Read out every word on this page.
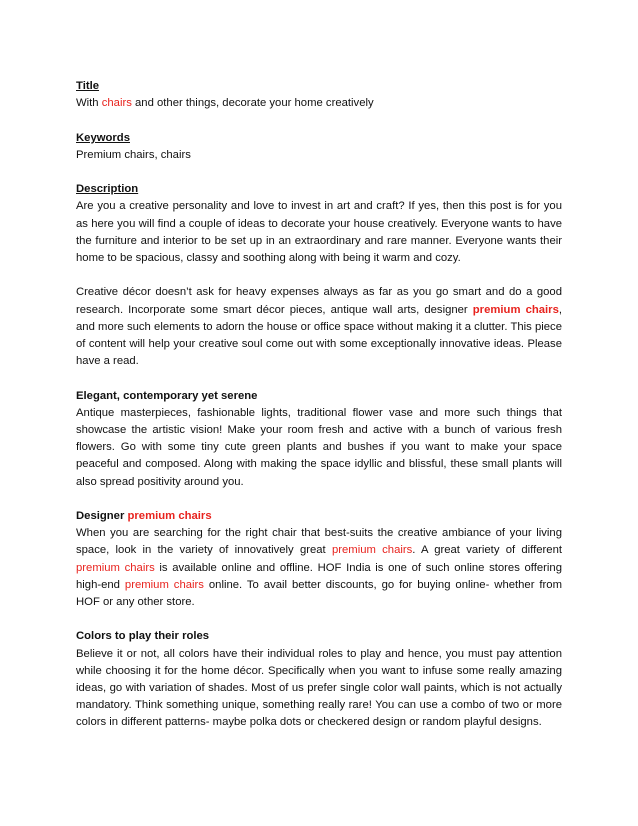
Title

With chairs and other things, decorate your home creatively

Keywords

Premium chairs, chairs

Description

Are you a creative personality and love to invest in art and craft? If yes, then this post is for you as here you will find a couple of ideas to decorate your house creatively. Everyone wants to have the furniture and interior to be set up in an extraordinary and rare manner. Everyone wants their home to be spacious, classy and soothing along with being it warm and cozy.

Creative décor doesn’t ask for heavy expenses always as far as you go smart and do a good research. Incorporate some smart décor pieces, antique wall arts, designer premium chairs, and more such elements to adorn the house or office space without making it a clutter. This piece of content will help your creative soul come out with some exceptionally innovative ideas. Please have a read.

Elegant, contemporary yet serene

Antique masterpieces, fashionable lights, traditional flower vase and more such things that showcase the artistic vision! Make your room fresh and active with a bunch of various fresh flowers. Go with some tiny cute green plants and bushes if you want to make your space peaceful and composed. Along with making the space idyllic and blissful, these small plants will also spread positivity around you.

Designer premium chairs

When you are searching for the right chair that best-suits the creative ambiance of your living space, look in the variety of innovatively great premium chairs. A great variety of different premium chairs is available online and offline. HOF India is one of such online stores offering high-end premium chairs online. To avail better discounts, go for buying online- whether from HOF or any other store.

Colors to play their roles

Believe it or not, all colors have their individual roles to play and hence, you must pay attention while choosing it for the home décor. Specifically when you want to infuse some really amazing ideas, go with variation of shades. Most of us prefer single color wall paints, which is not actually mandatory. Think something unique, something really rare! You can use a combo of two or more colors in different patterns- maybe polka dots or checkered design or random playful designs.
